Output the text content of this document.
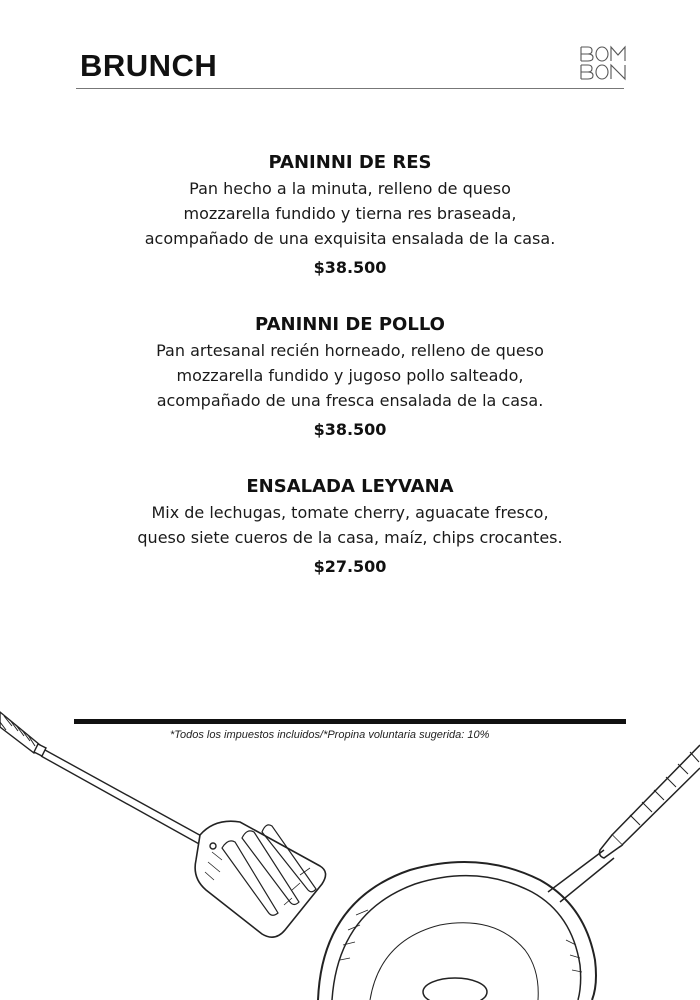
BRUNCH
PANINNI DE RES
Pan hecho a la minuta, relleno de queso
mozzarella fundido y tierna res braseada,
acompañado de una exquisita ensalada de la casa.
$38.500
PANINNI DE POLLO
Pan artesanal recién horneado, relleno de queso
mozzarella fundido y jugoso pollo salteado,
acompañado de una fresca ensalada de la casa.
$38.500
ENSALADA LEYVANA
Mix de lechugas, tomate cherry, aguacate fresco,
queso siete cueros de la casa, maíz, chips crocantes.
$27.500
*Todos los impuestos incluidos/*Propina voluntaria sugerida: 10%
